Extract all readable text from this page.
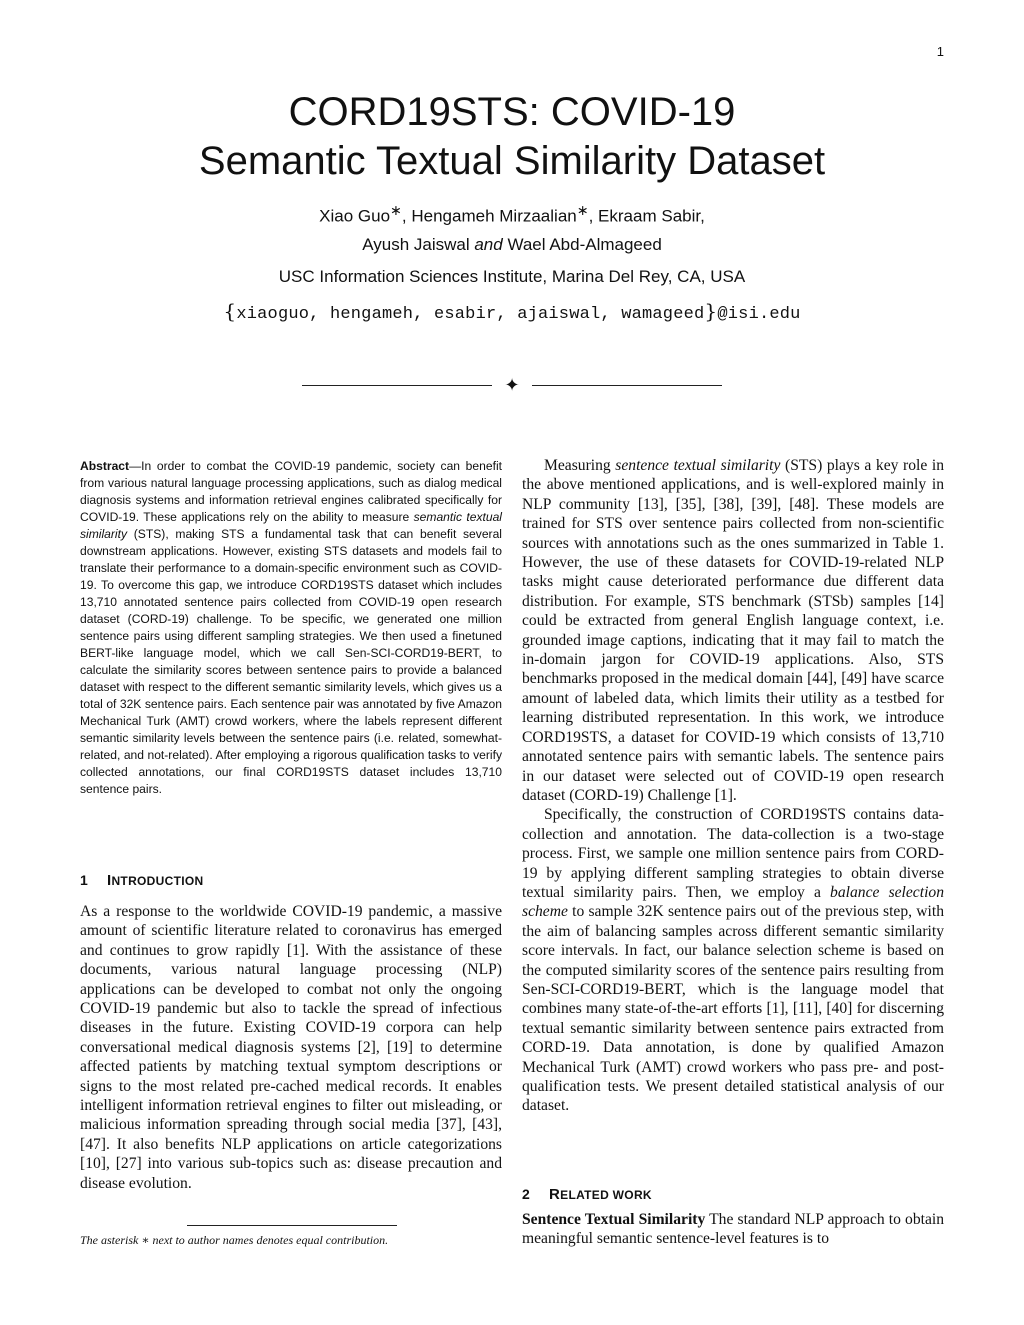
1
CORD19STS: COVID-19
Semantic Textual Similarity Dataset
Xiao Guo∗, Hengameh Mirzaalian∗, Ekraam Sabir,
Ayush Jaiswal and Wael Abd-Almageed
USC Information Sciences Institute, Marina Del Rey, CA, USA
{xiaoguo, hengameh, esabir, ajaiswal, wamageed}@isi.edu
✦

Abstract—In order to combat the COVID-19 pandemic, society can benefit from various natural language processing applications, such as dialog medical diagnosis systems and information retrieval engines calibrated specifically for COVID-19. These applications rely on the ability to measure semantic textual similarity (STS), making STS a fundamental task that can benefit several downstream applications. However, existing STS datasets and models fail to translate their performance to a domain-specific environment such as COVID-19. To overcome this gap, we introduce CORD19STS dataset which includes 13,710 annotated sentence pairs collected from COVID-19 open research dataset (CORD-19) challenge. To be specific, we generated one million sentence pairs using different sampling strategies. We then used a finetuned BERT-like language model, which we call Sen-SCI-CORD19-BERT, to calculate the similarity scores between sentence pairs to provide a balanced dataset with respect to the different semantic similarity levels, which gives us a total of 32K sentence pairs. Each sentence pair was annotated by five Amazon Mechanical Turk (AMT) crowd workers, where the labels represent different semantic similarity levels between the sentence pairs (i.e. related, somewhat-related, and not-related). After employing a rigorous qualification tasks to verify collected annotations, our final CORD19STS dataset includes 13,710 sentence pairs.

1 INTRODUCTION

As a response to the worldwide COVID-19 pandemic, a massive amount of scientific literature related to coronavirus has emerged and continues to grow rapidly [1]. With the assistance of these documents, various natural language processing (NLP) applications can be developed to combat not only the ongoing COVID-19 pandemic but also to tackle the spread of infectious diseases in the future. Existing COVID-19 corpora can help conversational medical diagnosis systems [2], [19] to determine affected patients by matching textual symptom descriptions or signs to the most related pre-cached medical records. It enables intelligent information retrieval engines to filter out misleading, or malicious information spreading through social media [37], [43], [47]. It also benefits NLP applications on article categorizations [10], [27] into various sub-topics such as: disease precaution and disease evolution.

The asterisk ∗ next to author names denotes equal contribution.

Measuring sentence textual similarity (STS) plays a key role in the above mentioned applications, and is well-explored mainly in NLP community [13], [35], [38], [39], [48]. These models are trained for STS over sentence pairs collected from non-scientific sources with annotations such as the ones summarized in Table 1. However, the use of these datasets for COVID-19-related NLP tasks might cause deteriorated performance due different data distribution. For example, STS benchmark (STSb) samples [14] could be extracted from general English language context, i.e. grounded image captions, indicating that it may fail to match the in-domain jargon for COVID-19 applications. Also, STS benchmarks proposed in the medical domain [44], [49] have scarce amount of labeled data, which limits their utility as a testbed for learning distributed representation. In this work, we introduce CORD19STS, a dataset for COVID-19 which consists of 13,710 annotated sentence pairs with semantic labels. The sentence pairs in our dataset were selected out of COVID-19 open research dataset (CORD-19) Challenge [1].

Specifically, the construction of CORD19STS contains data-collection and annotation. The data-collection is a two-stage process. First, we sample one million sentence pairs from CORD-19 by applying different sampling strategies to obtain diverse textual similarity pairs. Then, we employ a balance selection scheme to sample 32K sentence pairs out of the previous step, with the aim of balancing samples across different semantic similarity score intervals. In fact, our balance selection scheme is based on the computed similarity scores of the sentence pairs resulting from Sen-SCI-CORD19-BERT, which is the language model that combines many state-of-the-art efforts [1], [11], [40] for discerning textual semantic similarity between sentence pairs extracted from CORD-19. Data annotation, is done by qualified Amazon Mechanical Turk (AMT) crowd workers who pass pre- and post- qualification tests. We present detailed statistical analysis of our dataset.

2 RELATED WORK

Sentence Textual Similarity The standard NLP approach to obtain meaningful semantic sentence-level features is to
